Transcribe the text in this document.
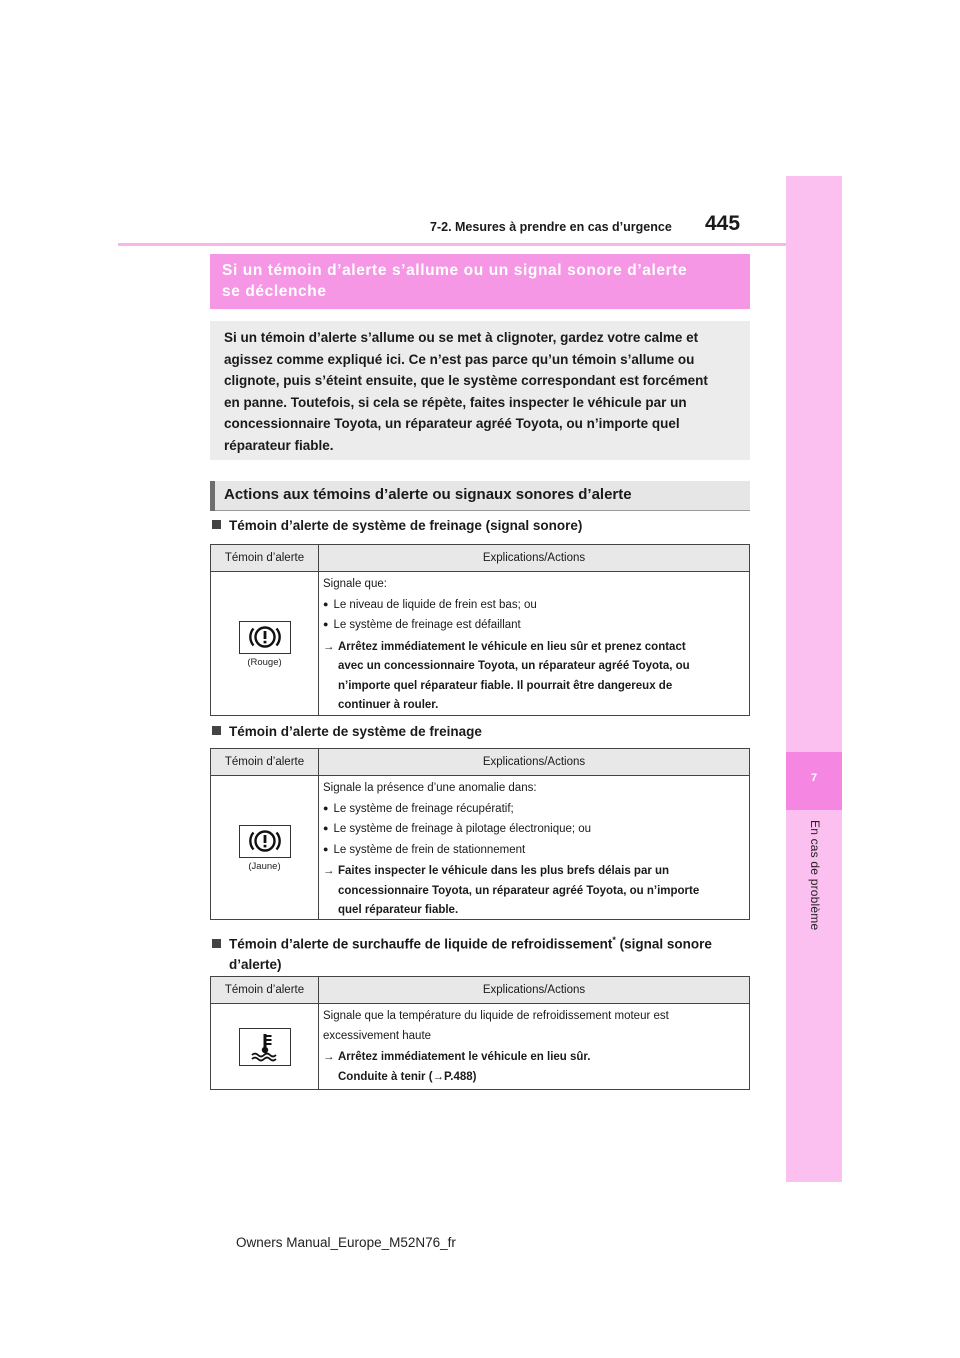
445
7-2. Mesures à prendre en cas d’urgence
7
En cas de problème
Si un témoin d’alerte s’allume ou un signal sonore d’alerte
se déclenche

Si un témoin d’alerte s’allume ou se met à clignoter, gardez votre calme et

agissez comme expliqué ici. Ce n’est pas parce qu’un témoin s’allume ou

clignote, puis s’éteint ensuite, que le système correspondant est forcément

en panne. Toutefois, si cela se répète, faites inspecter le véhicule par un

concessionnaire Toyota, un réparateur agréé Toyota, ou n’importe quel

réparateur fiable.

Actions aux témoins d’alerte ou signaux sonores d’alerte
Témoin d’alerte de système de freinage (signal sonore)
Témoin d’alerte	Explications/Actions
(Rouge)
Signale que:
● Le niveau de liquide de frein est bas; ou
● Le système de freinage est défaillant
→ Arrêtez immédiatement le véhicule en lieu sûr et prenez contact
avec un concessionnaire Toyota, un réparateur agréé Toyota, ou
n’importe quel réparateur fiable. Il pourrait être dangereux de
continuer à rouler.
Témoin d’alerte de système de freinage
Témoin d’alerte	Explications/Actions
(Jaune)
Signale la présence d’une anomalie dans:
● Le système de freinage récupératif;
● Le système de freinage à pilotage électronique; ou
● Le système de frein de stationnement
→ Faites inspecter le véhicule dans les plus brefs délais par un
concessionnaire Toyota, un réparateur agréé Toyota, ou n’importe
quel réparateur fiable.
Témoin d’alerte de surchauffe de liquide de refroidissement* (signal sonore
d’alerte)
Témoin d’alerte	Explications/Actions
Signale que la température du liquide de refroidissement moteur est
excessivement haute
→ Arrêtez immédiatement le véhicule en lieu sûr.
Conduite à tenir (→P.488)
Owners Manual_Europe_M52N76_fr
